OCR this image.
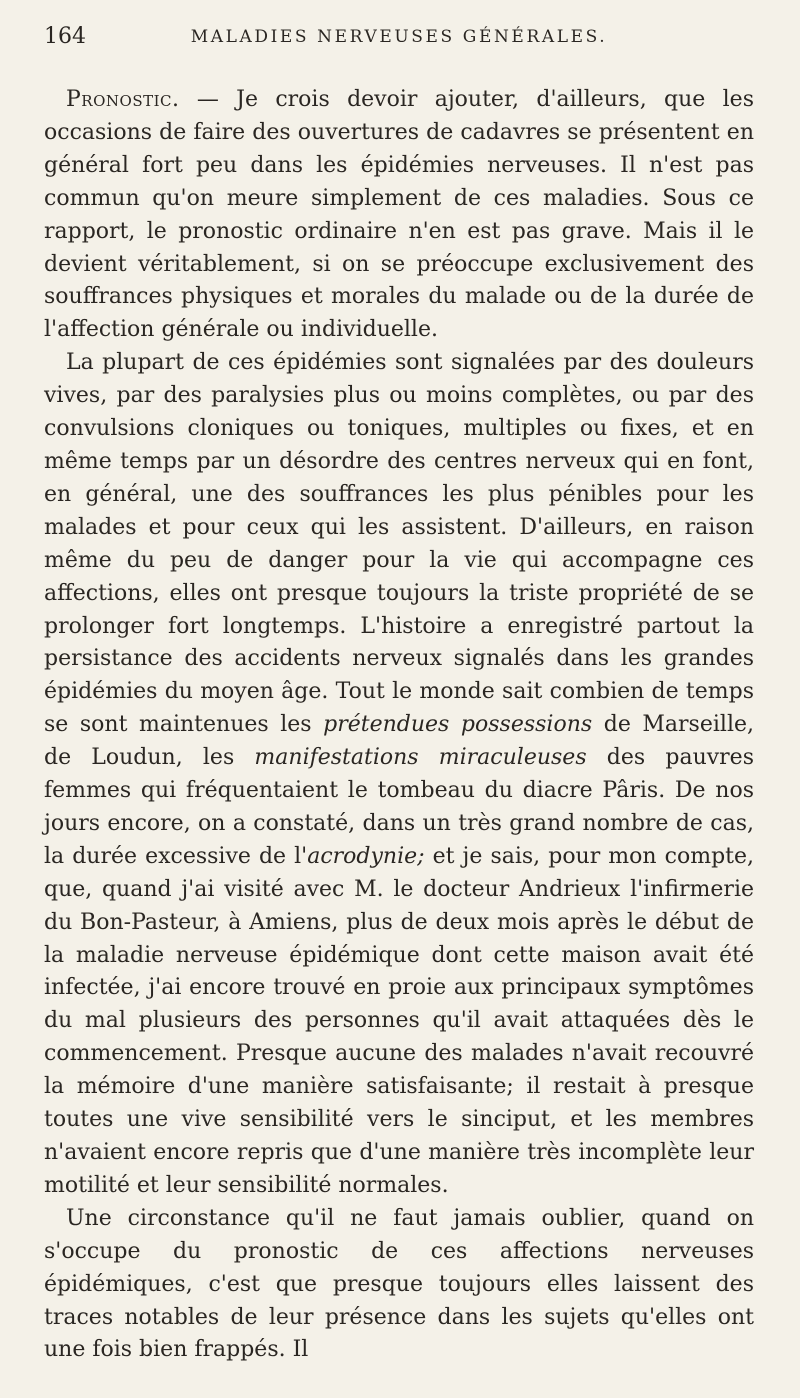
164	MALADIES NERVEUSES GÉNÉRALES.

Pronostic. — Je crois devoir ajouter, d'ailleurs, que les occasions de faire des ouvertures de cadavres se présentent en général fort peu dans les épidémies nerveuses. Il n'est pas commun qu'on meure simplement de ces maladies. Sous ce rapport, le pronostic ordinaire n'en est pas grave. Mais il le devient véritablement, si on se préoccupe exclusivement des souffrances physiques et morales du malade ou de la durée de l'affection générale ou individuelle.

La plupart de ces épidémies sont signalées par des douleurs vives, par des paralysies plus ou moins complètes, ou par des convulsions cloniques ou toniques, multiples ou fixes, et en même temps par un désordre des centres nerveux qui en font, en général, une des souffrances les plus pénibles pour les malades et pour ceux qui les assistent. D'ailleurs, en raison même du peu de danger pour la vie qui accompagne ces affections, elles ont presque toujours la triste propriété de se prolonger fort longtemps. L'histoire a enregistré partout la persistance des accidents nerveux signalés dans les grandes épidémies du moyen âge. Tout le monde sait combien de temps se sont maintenues les prétendues possessions de Marseille, de Loudun, les manifestations miraculeuses des pauvres femmes qui fréquentaient le tombeau du diacre Pâris. De nos jours encore, on a constaté, dans un très grand nombre de cas, la durée excessive de l'acrodynie; et je sais, pour mon compte, que, quand j'ai visité avec M. le docteur Andrieux l'infirmerie du Bon-Pasteur, à Amiens, plus de deux mois après le début de la maladie nerveuse épidémique dont cette maison avait été infectée, j'ai encore trouvé en proie aux principaux symptômes du mal plusieurs des personnes qu'il avait attaquées dès le commencement. Presque aucune des malades n'avait recouvré la mémoire d'une manière satisfaisante; il restait à presque toutes une vive sensibilité vers le sinciput, et les membres n'avaient encore repris que d'une manière très incomplète leur motilité et leur sensibilité normales.

Une circonstance qu'il ne faut jamais oublier, quand on s'occupe du pronostic de ces affections nerveuses épidémiques, c'est que presque toujours elles laissent des traces notables de leur présence dans les sujets qu'elles ont une fois bien frappés. Il
